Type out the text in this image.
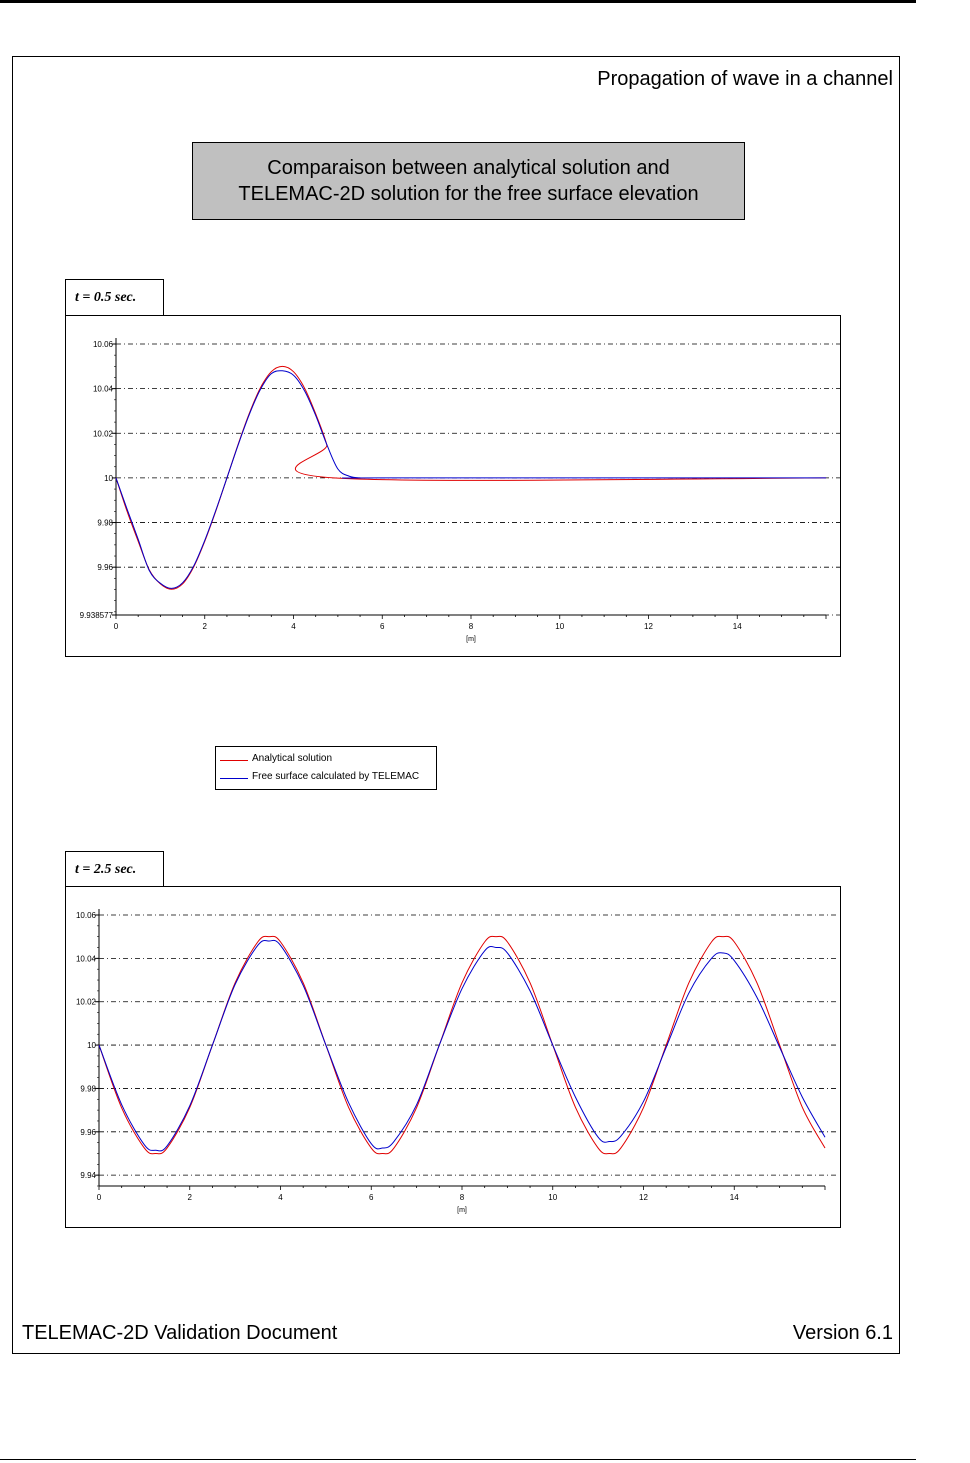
Propagation of wave in a channel
Comparaison between analytical solution and
TELEMAC-2D solution for the free surface elevation
t = 0.5 sec.
9.938577
9.96
9.98
10
10.02
10.04
10.06
0	2	4	6	8	10	12	14
[m]
Analytical solution
Free surface calculated by TELEMAC
t = 2.5 sec.
9.94
9.96
9.98
10
10.02
10.04
10.06
0	2	4	6	8	10	12	14
[m]
TELEMAC-2D Validation Document	Version 6.1
